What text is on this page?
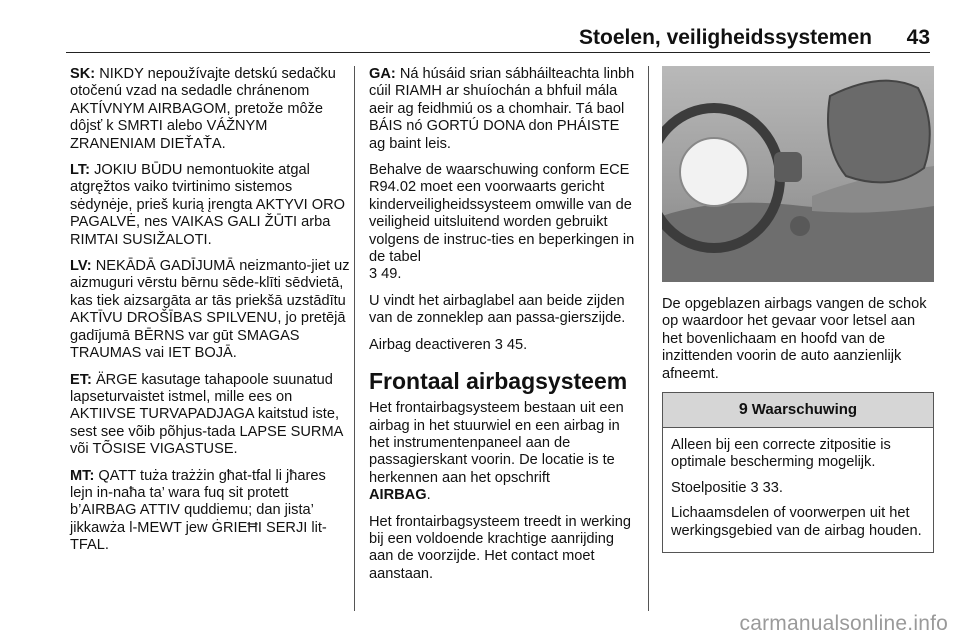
Stoelen, veiligheidssystemen 43

SK: NIKDY nepoužívajte detskú sedačku otočenú vzad na sedadle chránenom AKTÍVNYM AIRBAGOM, pretože môže dôjsť k SMRTI alebo VÁŽNYM ZRANENIAM DIEŤAŤA.

LT: JOKIU BŪDU nemontuokite atgal atgręžtos vaiko tvirtinimo sistemos sėdynėje, prieš kurią įrengta AKTYVI ORO PAGALVĖ, nes VAIKAS GALI ŽŪTI arba RIMTAI SUSIŽALOTI.

LV: NEKĀDĀ GADĪJUMĀ neizmanto-jiet uz aizmuguri vērstu bērnu sēde-klīti sēdvietā, kas tiek aizsargāta ar tās priekšā uzstādītu AKTĪVU DROŠĪBAS SPILVENU, jo pretējā gadījumā BĒRNS var gūt SMAGAS TRAUMAS vai IET BOJĀ.

ET: ÄRGE kasutage tahapoole suunatud lapseturvaistet istmel, mille ees on AKTIIVSE TURVAPADJAGA kaitstud iste, sest see võib põhjus-tada LAPSE SURMA või TÕSISE VIGASTUSE.

MT: QATT tuża trażżin għat-tfal li jħares lejn in-naħa ta’ wara fuq sit protett b’AIRBAG ATTIV quddiemu; dan jista’ jikkawża l-MEWT jew ĠRIEĦI SERJI lit-TFAL.

GA: Ná húsáid srian sábháilteachta linbh cúil RIAMH ar shuíochán a bhfuil mála aeir ag feidhmiú os a chomhair. Tá baol BÁIS nó GORTÚ DONA don PHÁISTE ag baint leis.

Behalve de waarschuwing conform ECE R94.02 moet een voorwaarts gericht kinderveiligheidssysteem omwille van de veiligheid uitsluitend worden gebruikt volgens de instruc-ties en beperkingen in de tabel
3 49.

U vindt het airbaglabel aan beide zijden van de zonneklep aan passa-gierszijde.

Airbag deactiveren 3 45.

Frontaal airbagsysteem

Het frontairbagsysteem bestaan uit een airbag in het stuurwiel en een airbag in het instrumentenpaneel aan de passagierskant voorin. De locatie is te herkennen aan het opschrift
AIRBAG.

Het frontairbagsysteem treedt in werking bij een voldoende krachtige aanrijding aan de voorzijde. Het contact moet aanstaan.

De opgeblazen airbags vangen de schok op waardoor het gevaar voor letsel aan het bovenlichaam en hoofd van de inzittenden voorin de auto aanzienlijk afneemt.

9 Waarschuwing

Alleen bij een correcte zitpositie is optimale bescherming mogelijk.

Stoelpositie 3 33.

Lichaamsdelen of voorwerpen uit het werkingsgebied van de airbag houden.

carmanualsonline.info
